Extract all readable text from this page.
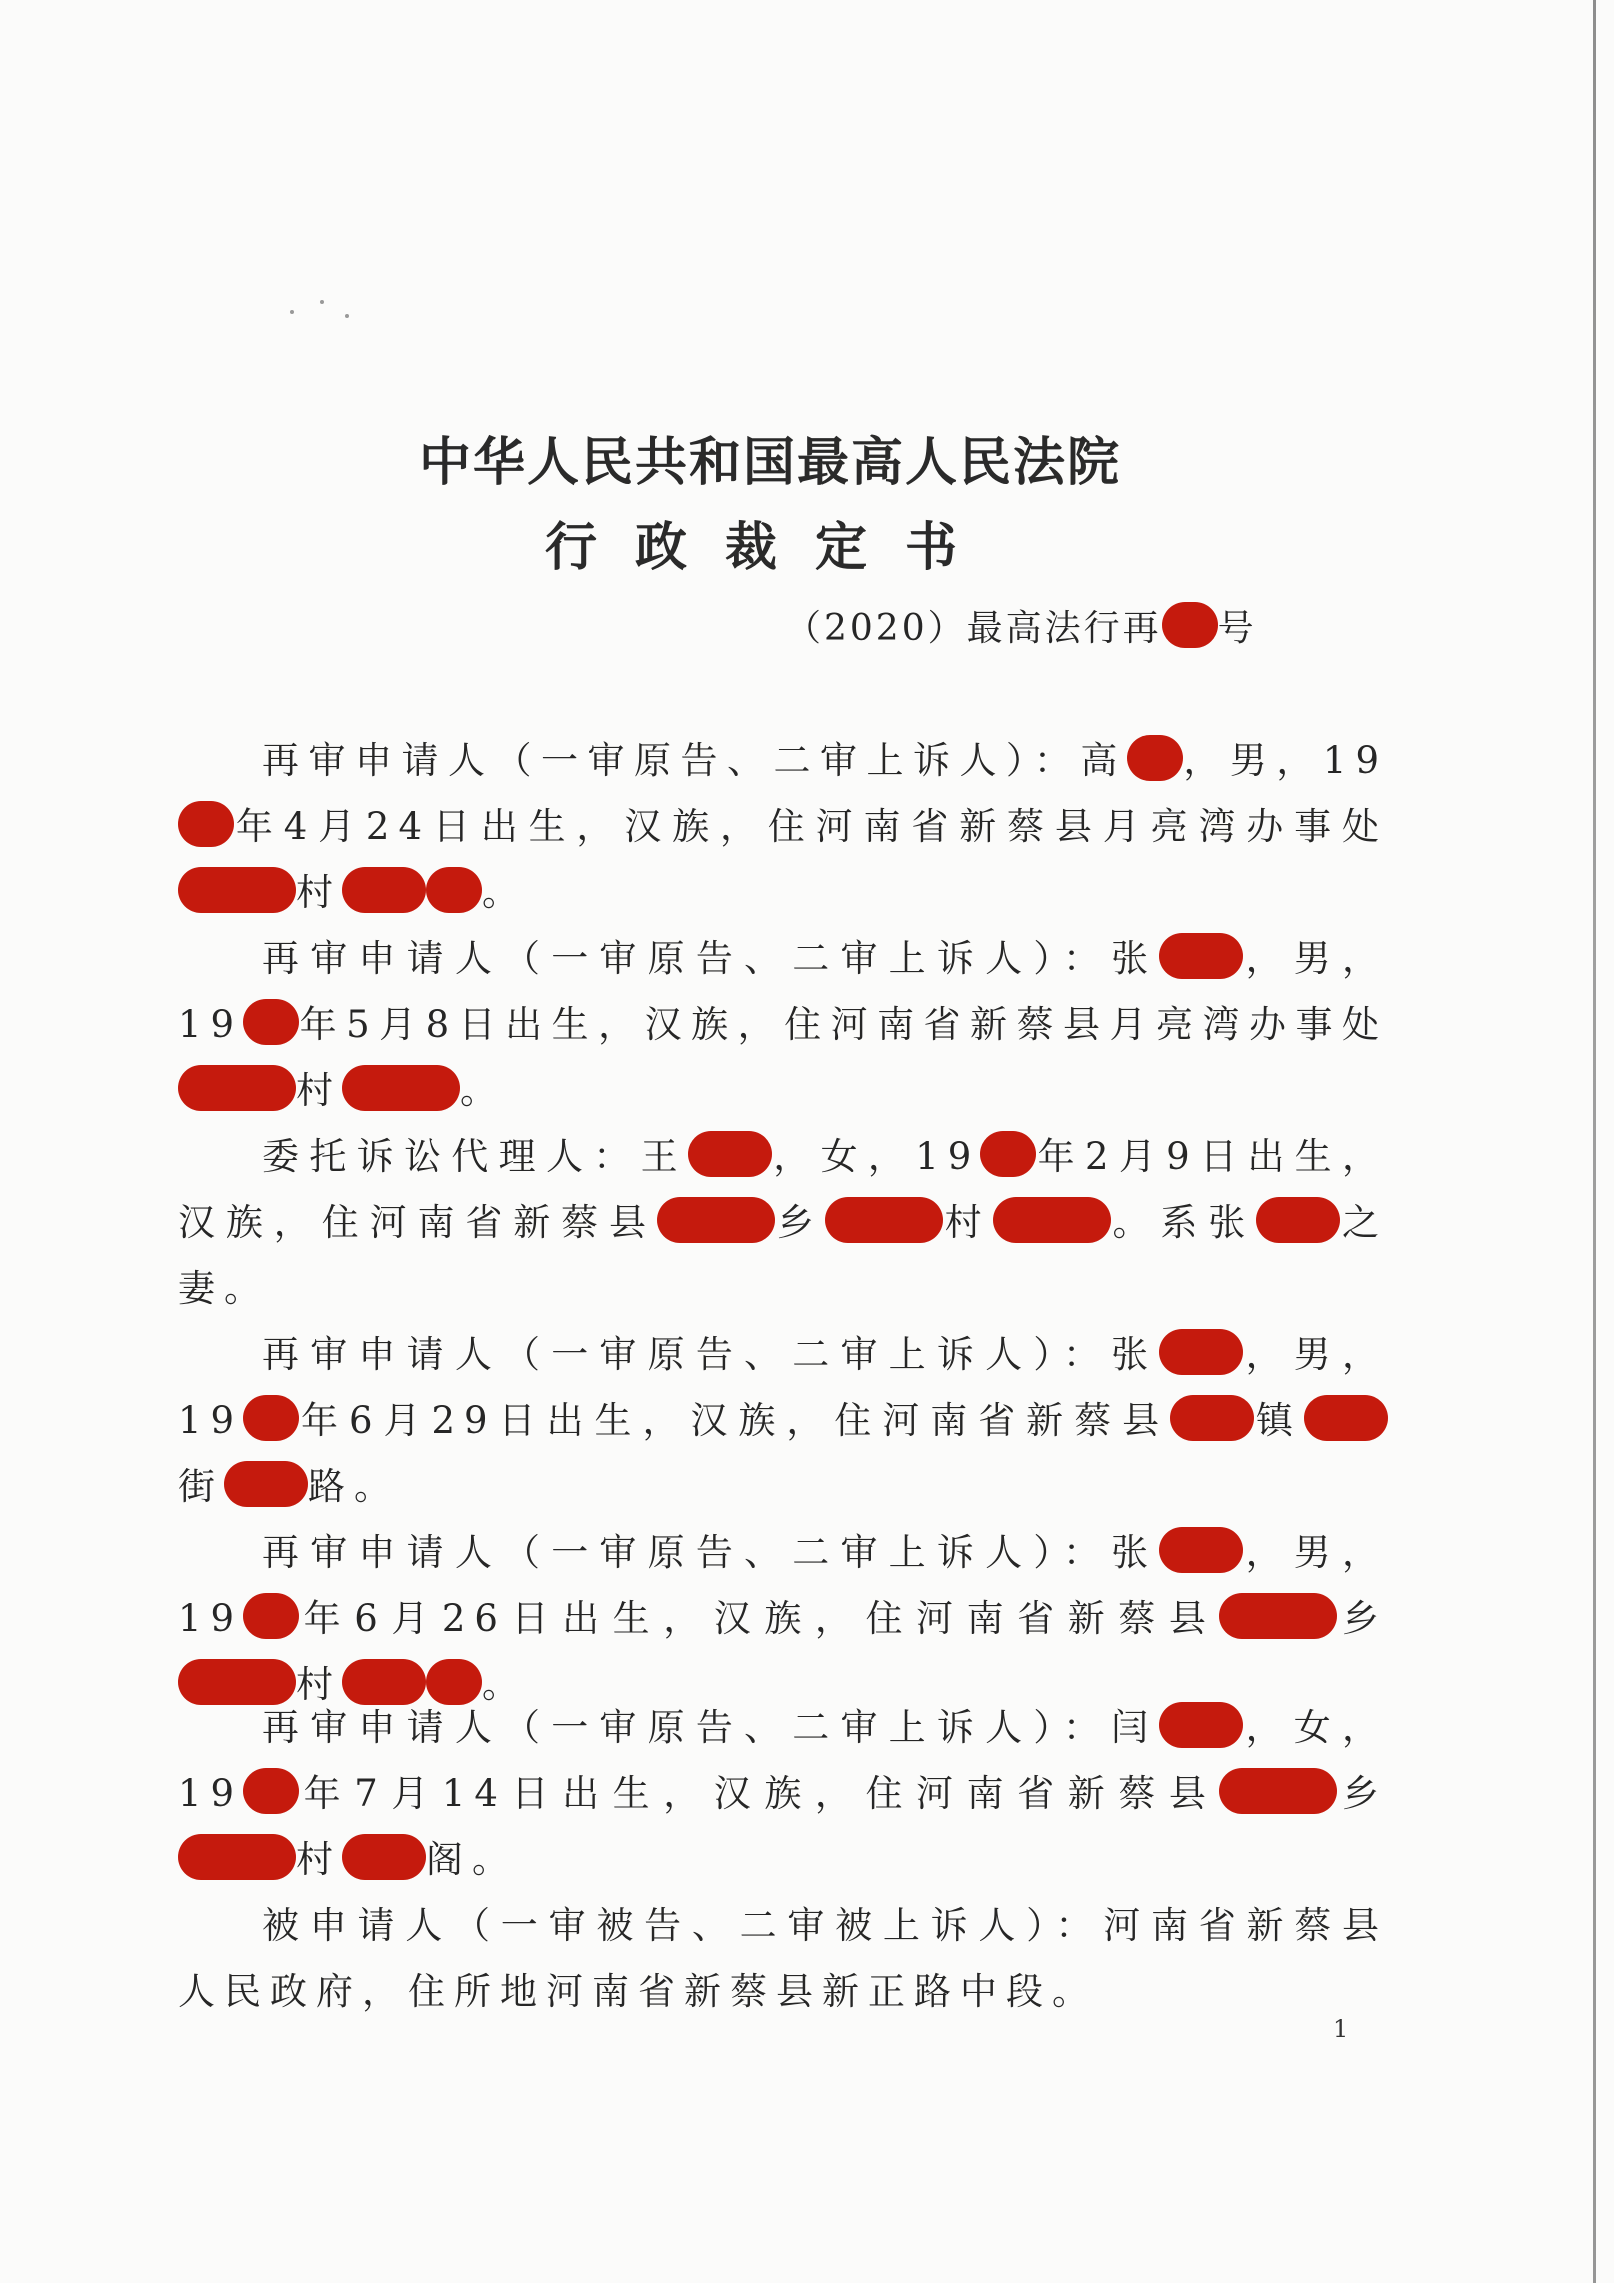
中华人民共和国最高人民法院
行政裁定书
（2020）最高法行再 号

再审申请人（一审原告、二审上诉人）：高 ，男，19年4月24日出生，汉族，住河南省新蔡县月亮湾办事处村	。

再审申请人（一审原告、二审上诉人）：张 ，男，19 年5月8日出生，汉族，住河南省新蔡县月亮湾办事处村	。

委托诉讼代理人：王 ，女，19 年2月9日出生，汉族，住河南省新蔡县	乡	村	。系张 之妻。

再审申请人（一审原告、二审上诉人）：张 ，男，19 年6月29日出生，汉族，住河南省新蔡县 镇街 路。

再审申请人（一审原告、二审上诉人）：张 ，男，19 年6月26日出生，汉族，住河南省新蔡县	乡村	。

再审申请人（一审原告、二审上诉人）：闫 ，女，19 年7月14日出生，汉族，住河南省新蔡县	乡村 阁。

被申请人（一审被告、二审被上诉人）：河南省新蔡县人民政府，住所地河南省新蔡县新正路中段。

1
